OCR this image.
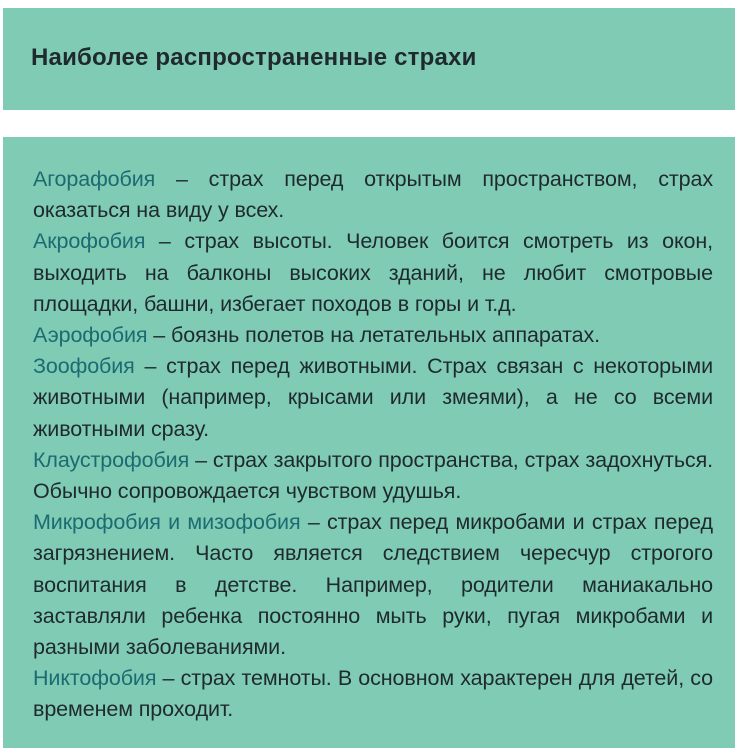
Наиболее распространенные страхи

Агорафобия – страх перед открытым пространством, страх оказаться на виду у всех.

Акрофобия – страх высоты. Человек боится смотреть из окон, выходить на балконы высоких зданий, не любит смотровые площадки, башни, избегает походов в горы и т.д.

Аэрофобия – боязнь полетов на летательных аппаратах.

Зоофобия – страх перед животными. Страх связан с некоторыми животными (например, крысами или змеями), а не со всеми животными сразу.

Клаустрофобия – страх закрытого пространства, страх задохнуться. Обычно сопровождается чувством удушья.

Микрофобия и мизофобия – страх перед микробами и страх перед загрязнением. Часто является следствием чересчур строгого воспитания в детстве. Например, родители маниакально заставляли ребенка постоянно мыть руки, пугая микробами и разными заболеваниями.

Никтофобия – страх темноты. В основном характерен для детей, со временем проходит.
